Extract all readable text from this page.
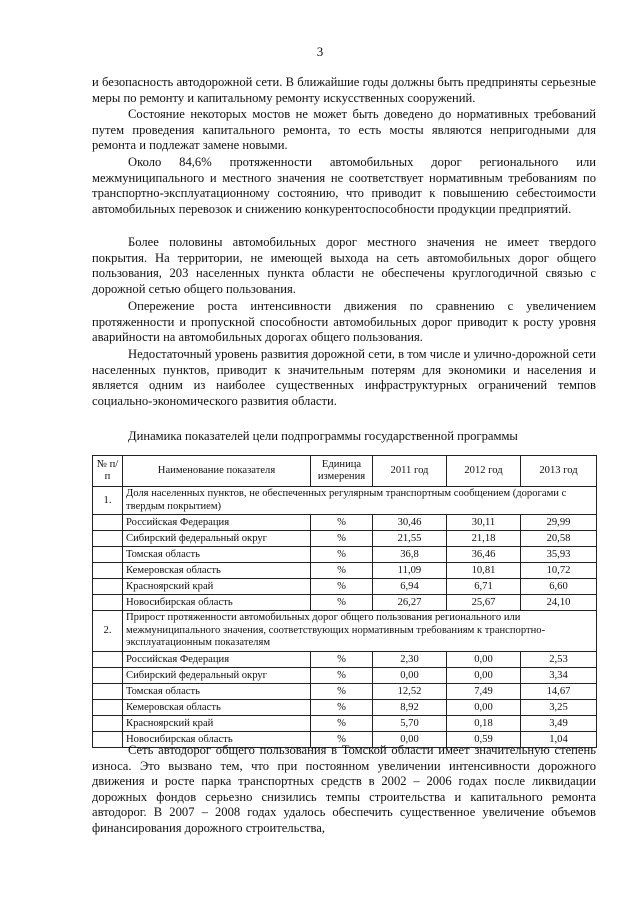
3

и безопасность автодорожной сети. В ближайшие годы должны быть предприняты серьезные меры по ремонту и капитальному ремонту искусственных сооружений.

Состояние некоторых мостов не может быть доведено до нормативных требований путем проведения капитального ремонта, то есть мосты являются непригодными для ремонта и подлежат замене новыми.

Около 84,6% протяженности автомобильных дорог регионального или межмуниципального и местного значения не соответствует нормативным требованиям по транспортно-эксплуатационному состоянию, что приводит к повышению себестоимости автомобильных перевозок и снижению конкурентоспособности продукции предприятий.

Более половины автомобильных дорог местного значения не имеет твердого покрытия. На территории, не имеющей выхода на сеть автомобильных дорог общего пользования, 203 населенных пункта области не обеспечены круглогодичной связью с дорожной сетью общего пользования.

Опережение роста интенсивности движения по сравнению с увеличением протяженности и пропускной способности автомобильных дорог приводит к росту уровня аварийности на автомобильных дорогах общего пользования.

Недостаточный уровень развития дорожной сети, в том числе и улично-дорожной сети населенных пунктов, приводит к значительным потерям для экономики и населения и является одним из наиболее существенных инфраструктурных ограничений темпов социально-экономического развития области.

Динамика показателей цели подпрограммы государственной программы

№ п/п	Наименование показателя	Единица измерения	2011 год	2012 год	2013 год
1.	Доля населенных пунктов, не обеспеченных регулярным транспортным сообщением (дорогами с твердым покрытием)				
	Российская Федерация	%	30,46	30,11	29,99
	Сибирский федеральный округ	%	21,55	21,18	20,58
	Томская область	%	36,8	36,46	35,93
	Кемеровская область	%	11,09	10,81	10,72
	Красноярский край	%	6,94	6,71	6,60
	Новосибирская область	%	26,27	25,67	24,10
2.	Прирост протяженности автомобильных дорог общего пользования регионального или межмуниципального значения, соответствующих нормативным требованиям к транспортно-эксплуатационным показателям				
	Российская Федерация	%	2,30	0,00	2,53
	Сибирский федеральный округ	%	0,00	0,00	3,34
	Томская область	%	12,52	7,49	14,67
	Кемеровская область	%	8,92	0,00	3,25
	Красноярский край	%	5,70	0,18	3,49
	Новосибирская область	%	0,00	0,59	1,04

Сеть автодорог общего пользования в Томской области имеет значительную степень износа. Это вызвано тем, что при постоянном увеличении интенсивности дорожного движения и росте парка транспортных средств в 2002 – 2006 годах после ликвидации дорожных фондов серьезно снизились темпы строительства и капитального ремонта автодорог. В 2007 – 2008 годах удалось обеспечить существенное увеличение объемов финансирования дорожного строительства,
